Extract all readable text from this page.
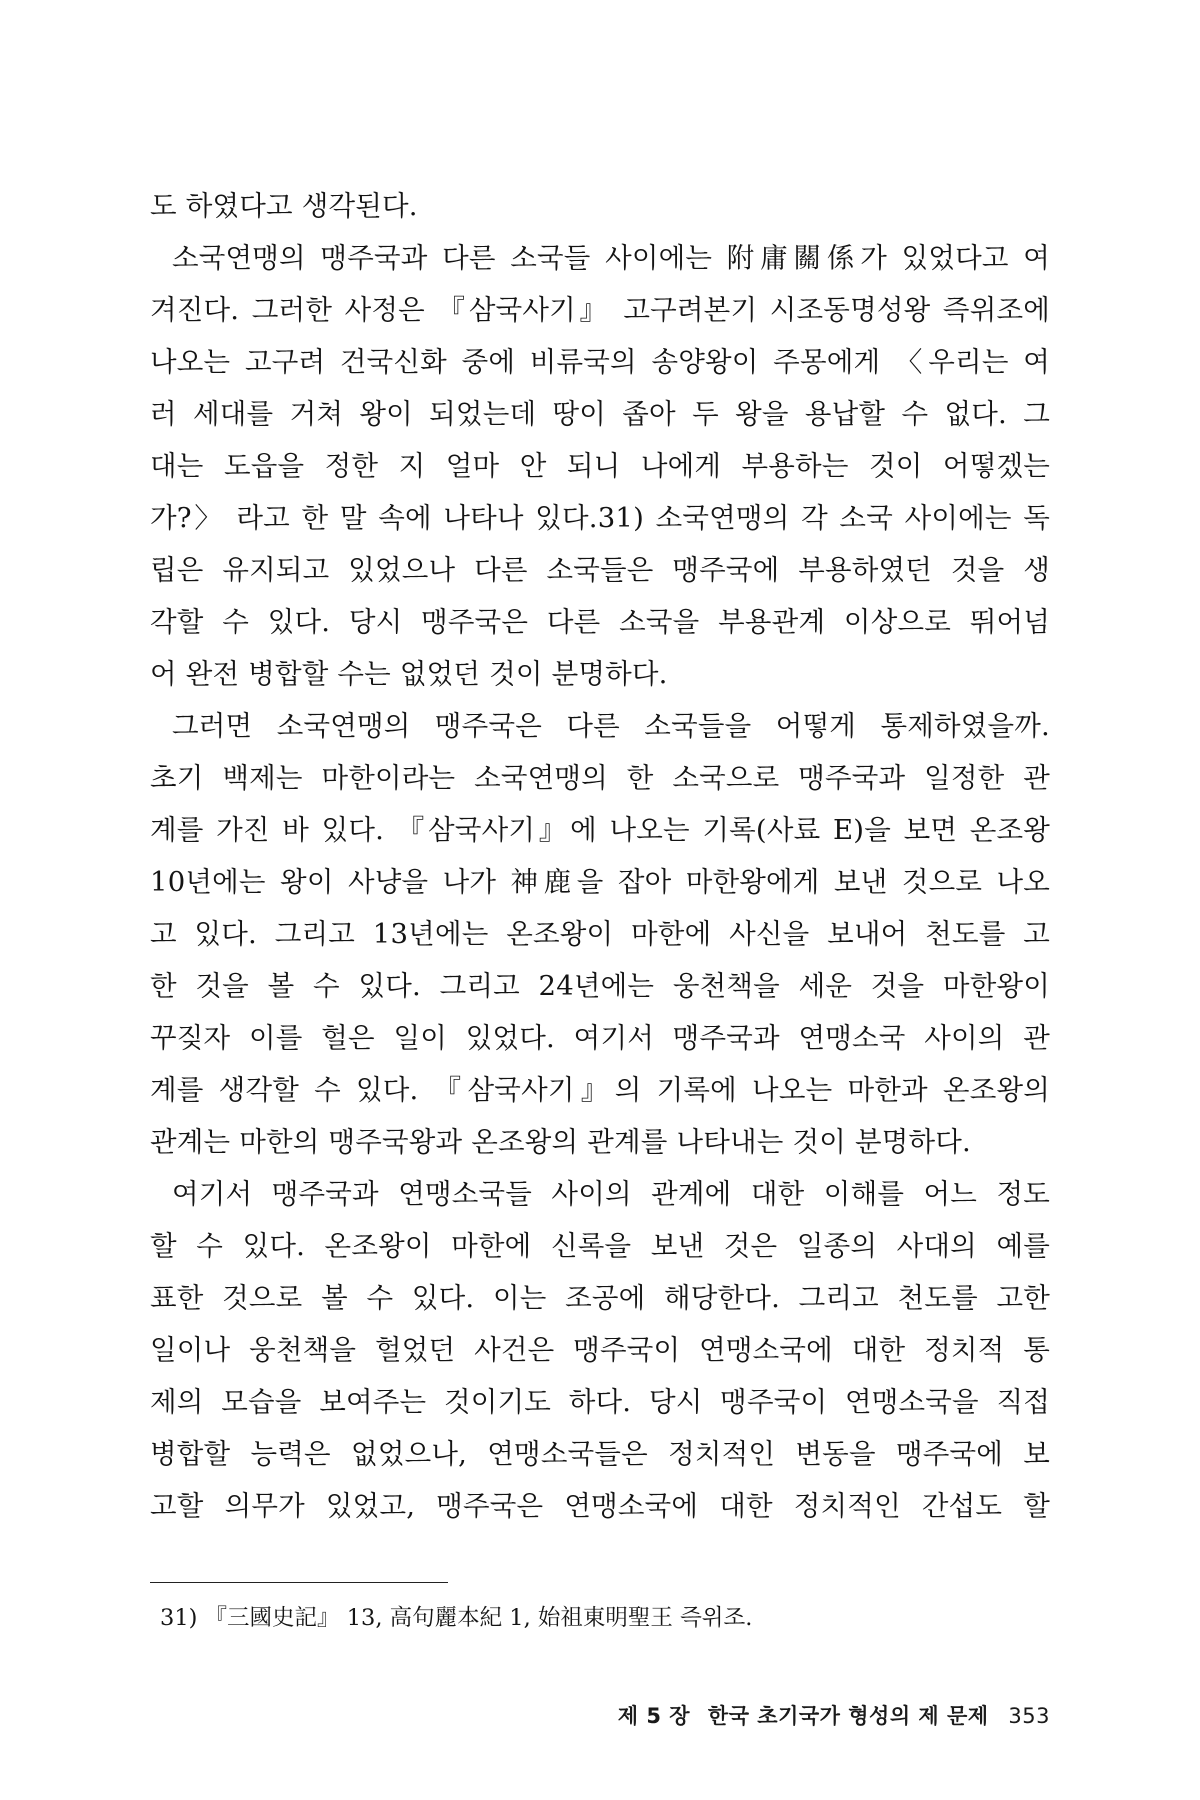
도 하였다고 생각된다.
소국연맹의 맹주국과 다른 소국들 사이에는 附庸關係가 있었다고 여
겨진다. 그러한 사정은 『삼국사기』 고구려본기 시조동명성왕 즉위조에
나오는 고구려 건국신화 중에 비류국의 송양왕이 주몽에게 〈우리는 여
러 세대를 거쳐 왕이 되었는데 땅이 좁아 두 왕을 용납할 수 없다. 그
대는 도읍을 정한 지 얼마 안 되니 나에게 부용하는 것이 어떻겠는
가?〉 라고 한 말 속에 나타나 있다.31) 소국연맹의 각 소국 사이에는 독
립은 유지되고 있었으나 다른 소국들은 맹주국에 부용하였던 것을 생
각할 수 있다. 당시 맹주국은 다른 소국을 부용관계 이상으로 뛰어넘
어 완전 병합할 수는 없었던 것이 분명하다.
그러면 소국연맹의 맹주국은 다른 소국들을 어떻게 통제하였을까.
초기 백제는 마한이라는 소국연맹의 한 소국으로 맹주국과 일정한 관
계를 가진 바 있다. 『삼국사기』에 나오는 기록(사료 E)을 보면 온조왕
10년에는 왕이 사냥을 나가 神鹿을 잡아 마한왕에게 보낸 것으로 나오
고 있다. 그리고 13년에는 온조왕이 마한에 사신을 보내어 천도를 고
한 것을 볼 수 있다. 그리고 24년에는 웅천책을 세운 것을 마한왕이
꾸짖자 이를 헐은 일이 있었다. 여기서 맹주국과 연맹소국 사이의 관
계를 생각할 수 있다. 『삼국사기』의 기록에 나오는 마한과 온조왕의
관계는 마한의 맹주국왕과 온조왕의 관계를 나타내는 것이 분명하다.
여기서 맹주국과 연맹소국들 사이의 관계에 대한 이해를 어느 정도
할 수 있다. 온조왕이 마한에 신록을 보낸 것은 일종의 사대의 예를
표한 것으로 볼 수 있다. 이는 조공에 해당한다. 그리고 천도를 고한
일이나 웅천책을 헐었던 사건은 맹주국이 연맹소국에 대한 정치적 통
제의 모습을 보여주는 것이기도 하다. 당시 맹주국이 연맹소국을 직접
병합할 능력은 없었으나, 연맹소국들은 정치적인 변동을 맹주국에 보
고할 의무가 있었고, 맹주국은 연맹소국에 대한 정치적인 간섭도 할
31) 『三國史記』 13, 高句麗本紀 1, 始祖東明聖王 즉위조.
제 5 장 한국 초기국가 형성의 제 문제 353
